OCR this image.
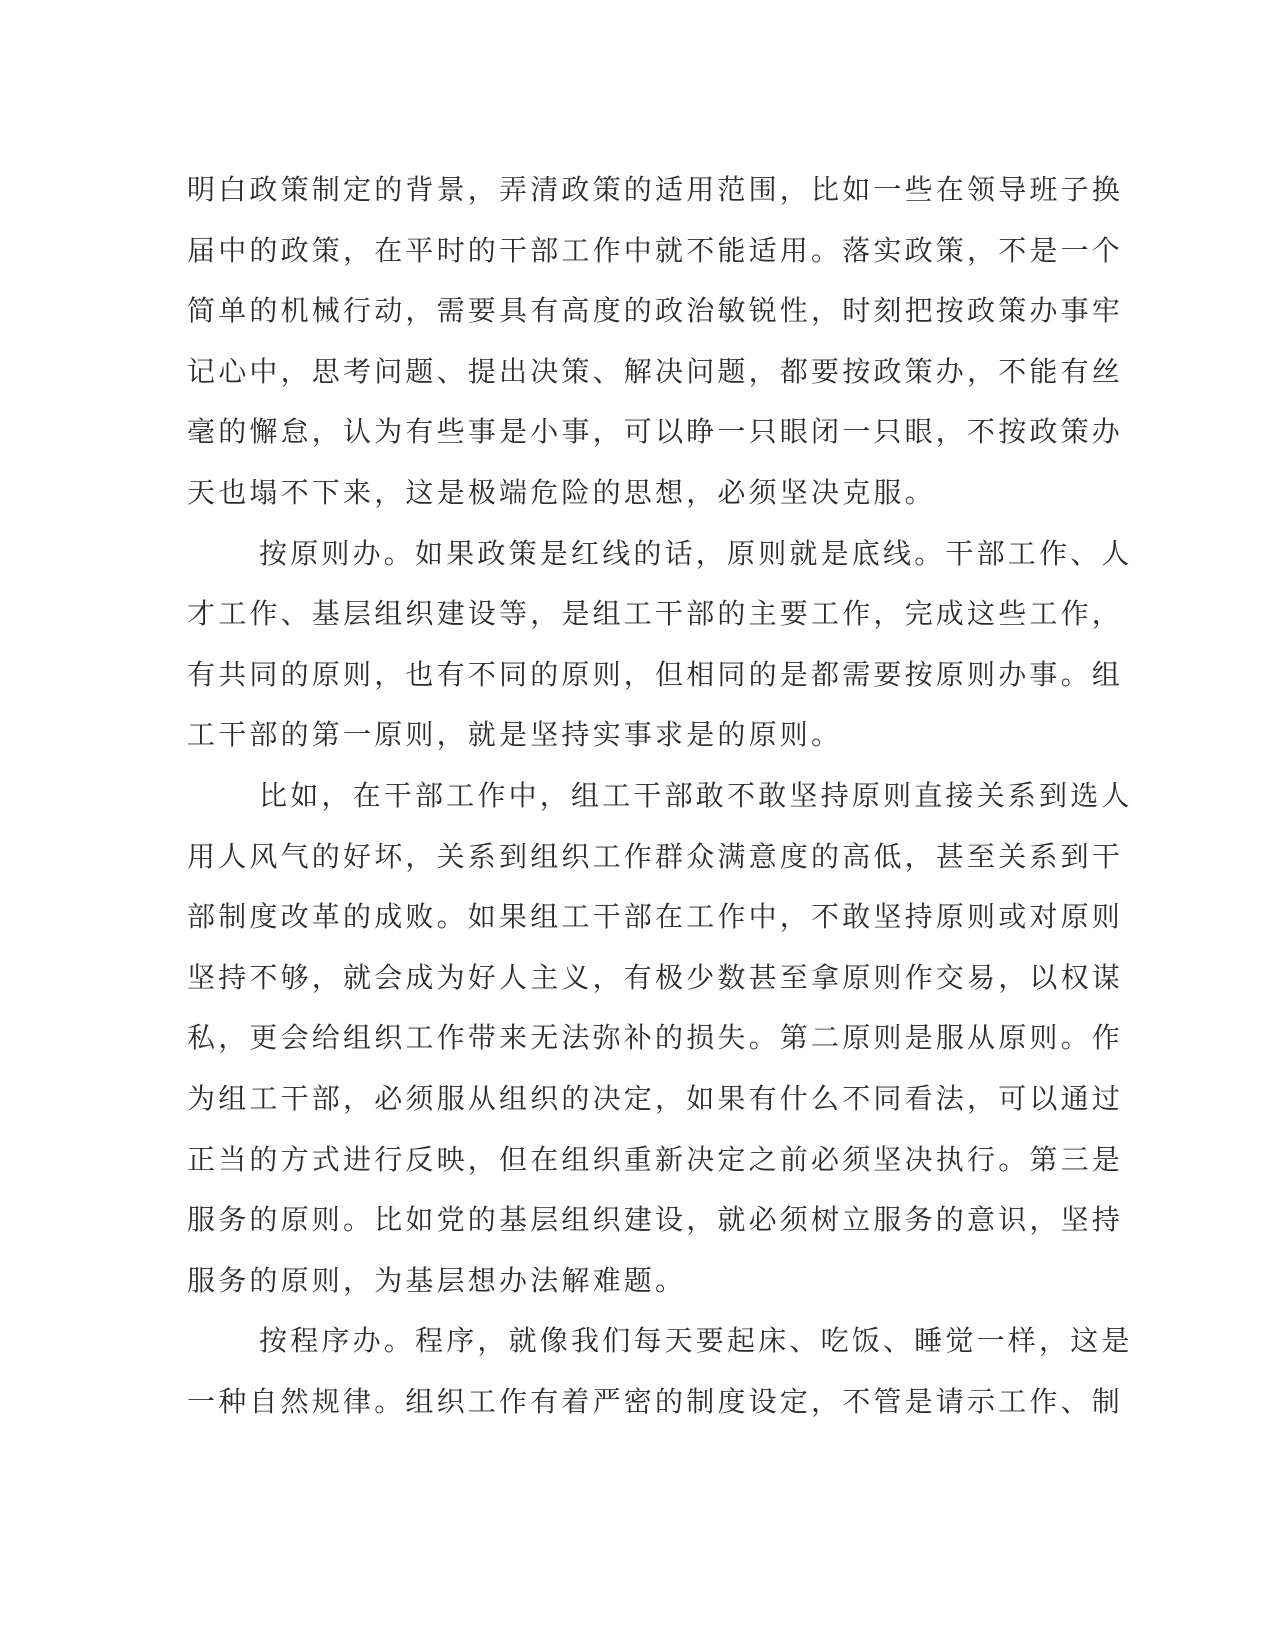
明白政策制定的背景，弄清政策的适用范围，比如一些在领导班子换
届中的政策，在平时的干部工作中就不能适用。落实政策，不是一个
简单的机械行动，需要具有高度的政治敏锐性，时刻把按政策办事牢
记心中，思考问题、提出决策、解决问题，都要按政策办，不能有丝
毫的懈怠，认为有些事是小事，可以睁一只眼闭一只眼，不按政策办
天也塌不下来，这是极端危险的思想，必须坚决克服。
按原则办。如果政策是红线的话，原则就是底线。干部工作、人
才工作、基层组织建设等，是组工干部的主要工作，完成这些工作，
有共同的原则，也有不同的原则，但相同的是都需要按原则办事。组
工干部的第一原则，就是坚持实事求是的原则。
比如，在干部工作中，组工干部敢不敢坚持原则直接关系到选人
用人风气的好坏，关系到组织工作群众满意度的高低，甚至关系到干
部制度改革的成败。如果组工干部在工作中，不敢坚持原则或对原则
坚持不够，就会成为好人主义，有极少数甚至拿原则作交易，以权谋
私，更会给组织工作带来无法弥补的损失。第二原则是服从原则。作
为组工干部，必须服从组织的决定，如果有什么不同看法，可以通过
正当的方式进行反映，但在组织重新决定之前必须坚决执行。第三是
服务的原则。比如党的基层组织建设，就必须树立服务的意识，坚持
服务的原则，为基层想办法解难题。
按程序办。程序，就像我们每天要起床、吃饭、睡觉一样，这是
一种自然规律。组织工作有着严密的制度设定，不管是请示工作、制
